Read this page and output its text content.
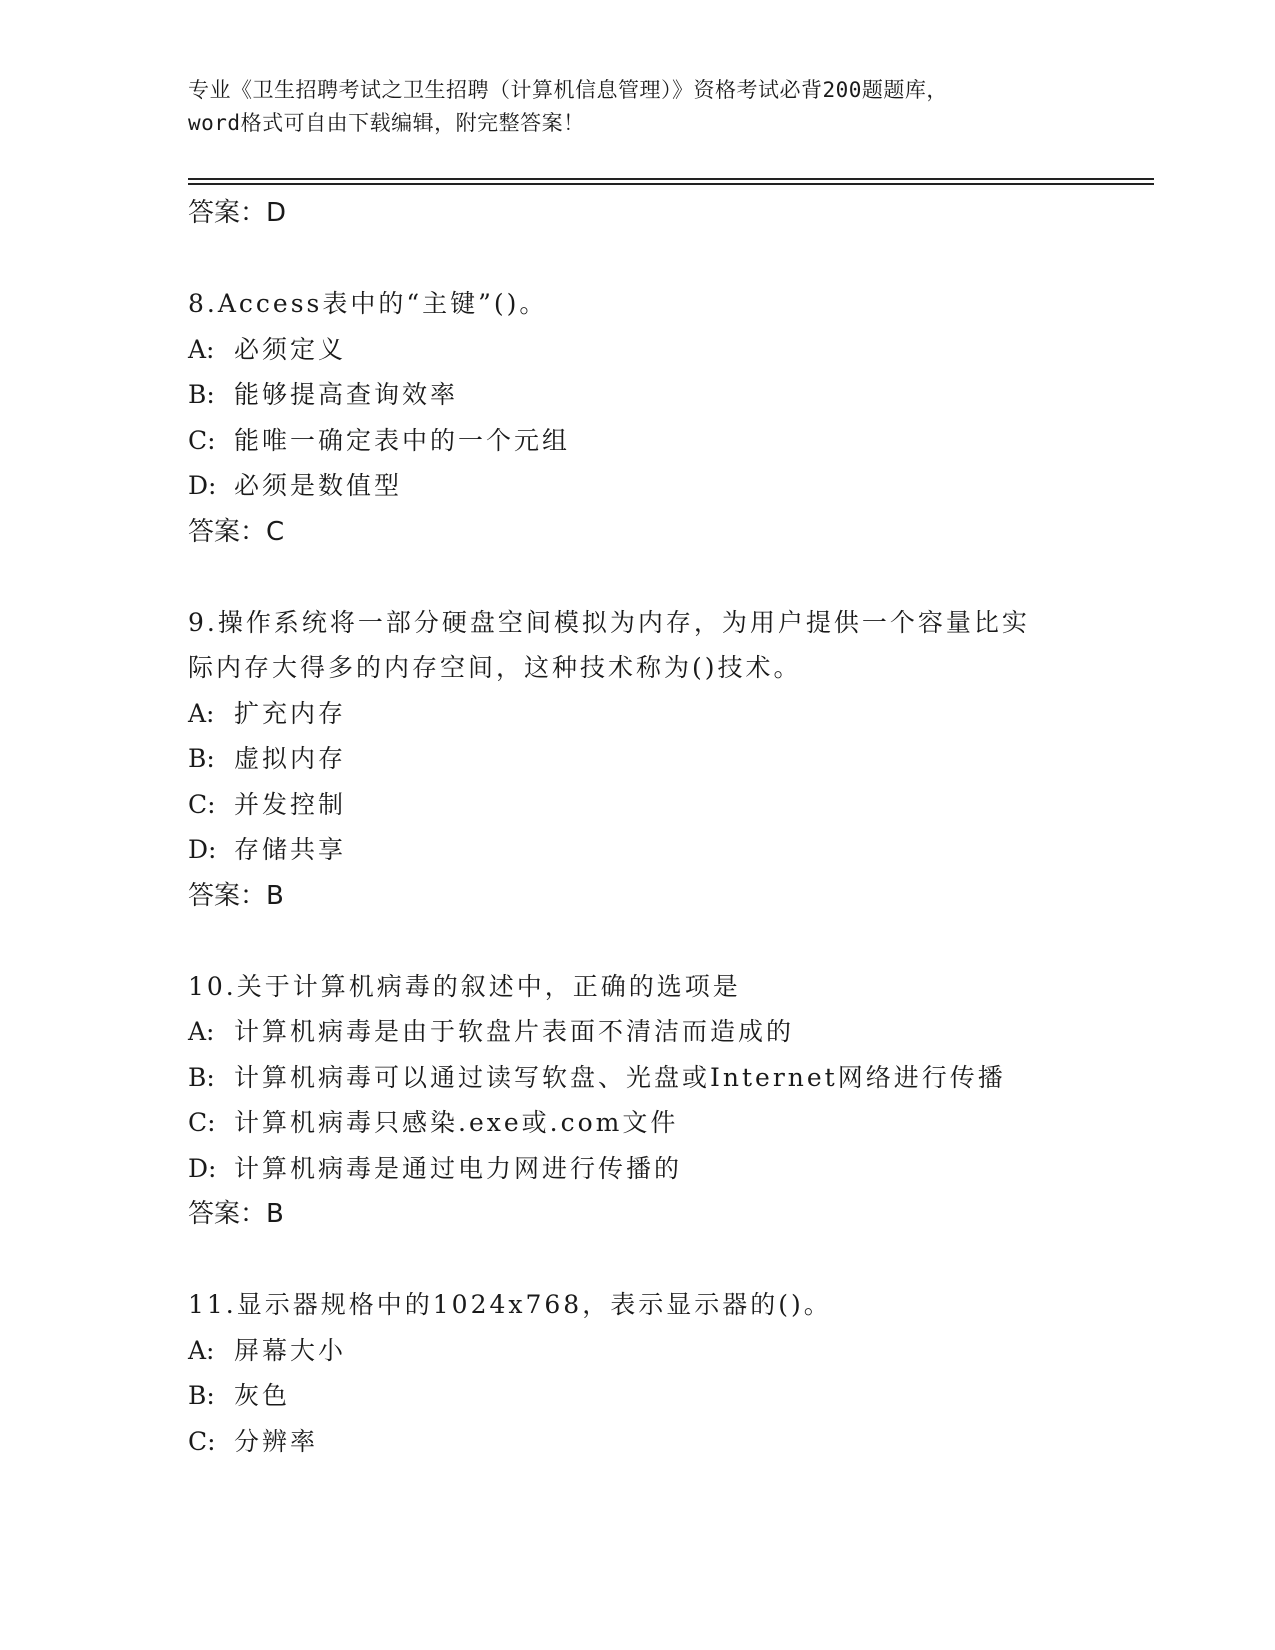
专业《卫生招聘考试之卫生招聘（计算机信息管理）》资格考试必背200题题库，
word格式可自由下载编辑，附完整答案！
答案：D
8.Access表中的“主键”()。
A: 必须定义
B: 能够提高查询效率
C: 能唯一确定表中的一个元组
D: 必须是数值型
答案：C
9.操作系统将一部分硬盘空间模拟为内存，为用户提供一个容量比实
际内存大得多的内存空间，这种技术称为()技术。
A: 扩充内存
B: 虚拟内存
C: 并发控制
D: 存储共享
答案：B
10.关于计算机病毒的叙述中，正确的选项是
A: 计算机病毒是由于软盘片表面不清洁而造成的
B: 计算机病毒可以通过读写软盘、光盘或Internet网络进行传播
C: 计算机病毒只感染.exe或.com文件
D: 计算机病毒是通过电力网进行传播的
答案：B
11.显示器规格中的1024x768，表示显示器的()。
A: 屏幕大小
B: 灰色
C: 分辨率
